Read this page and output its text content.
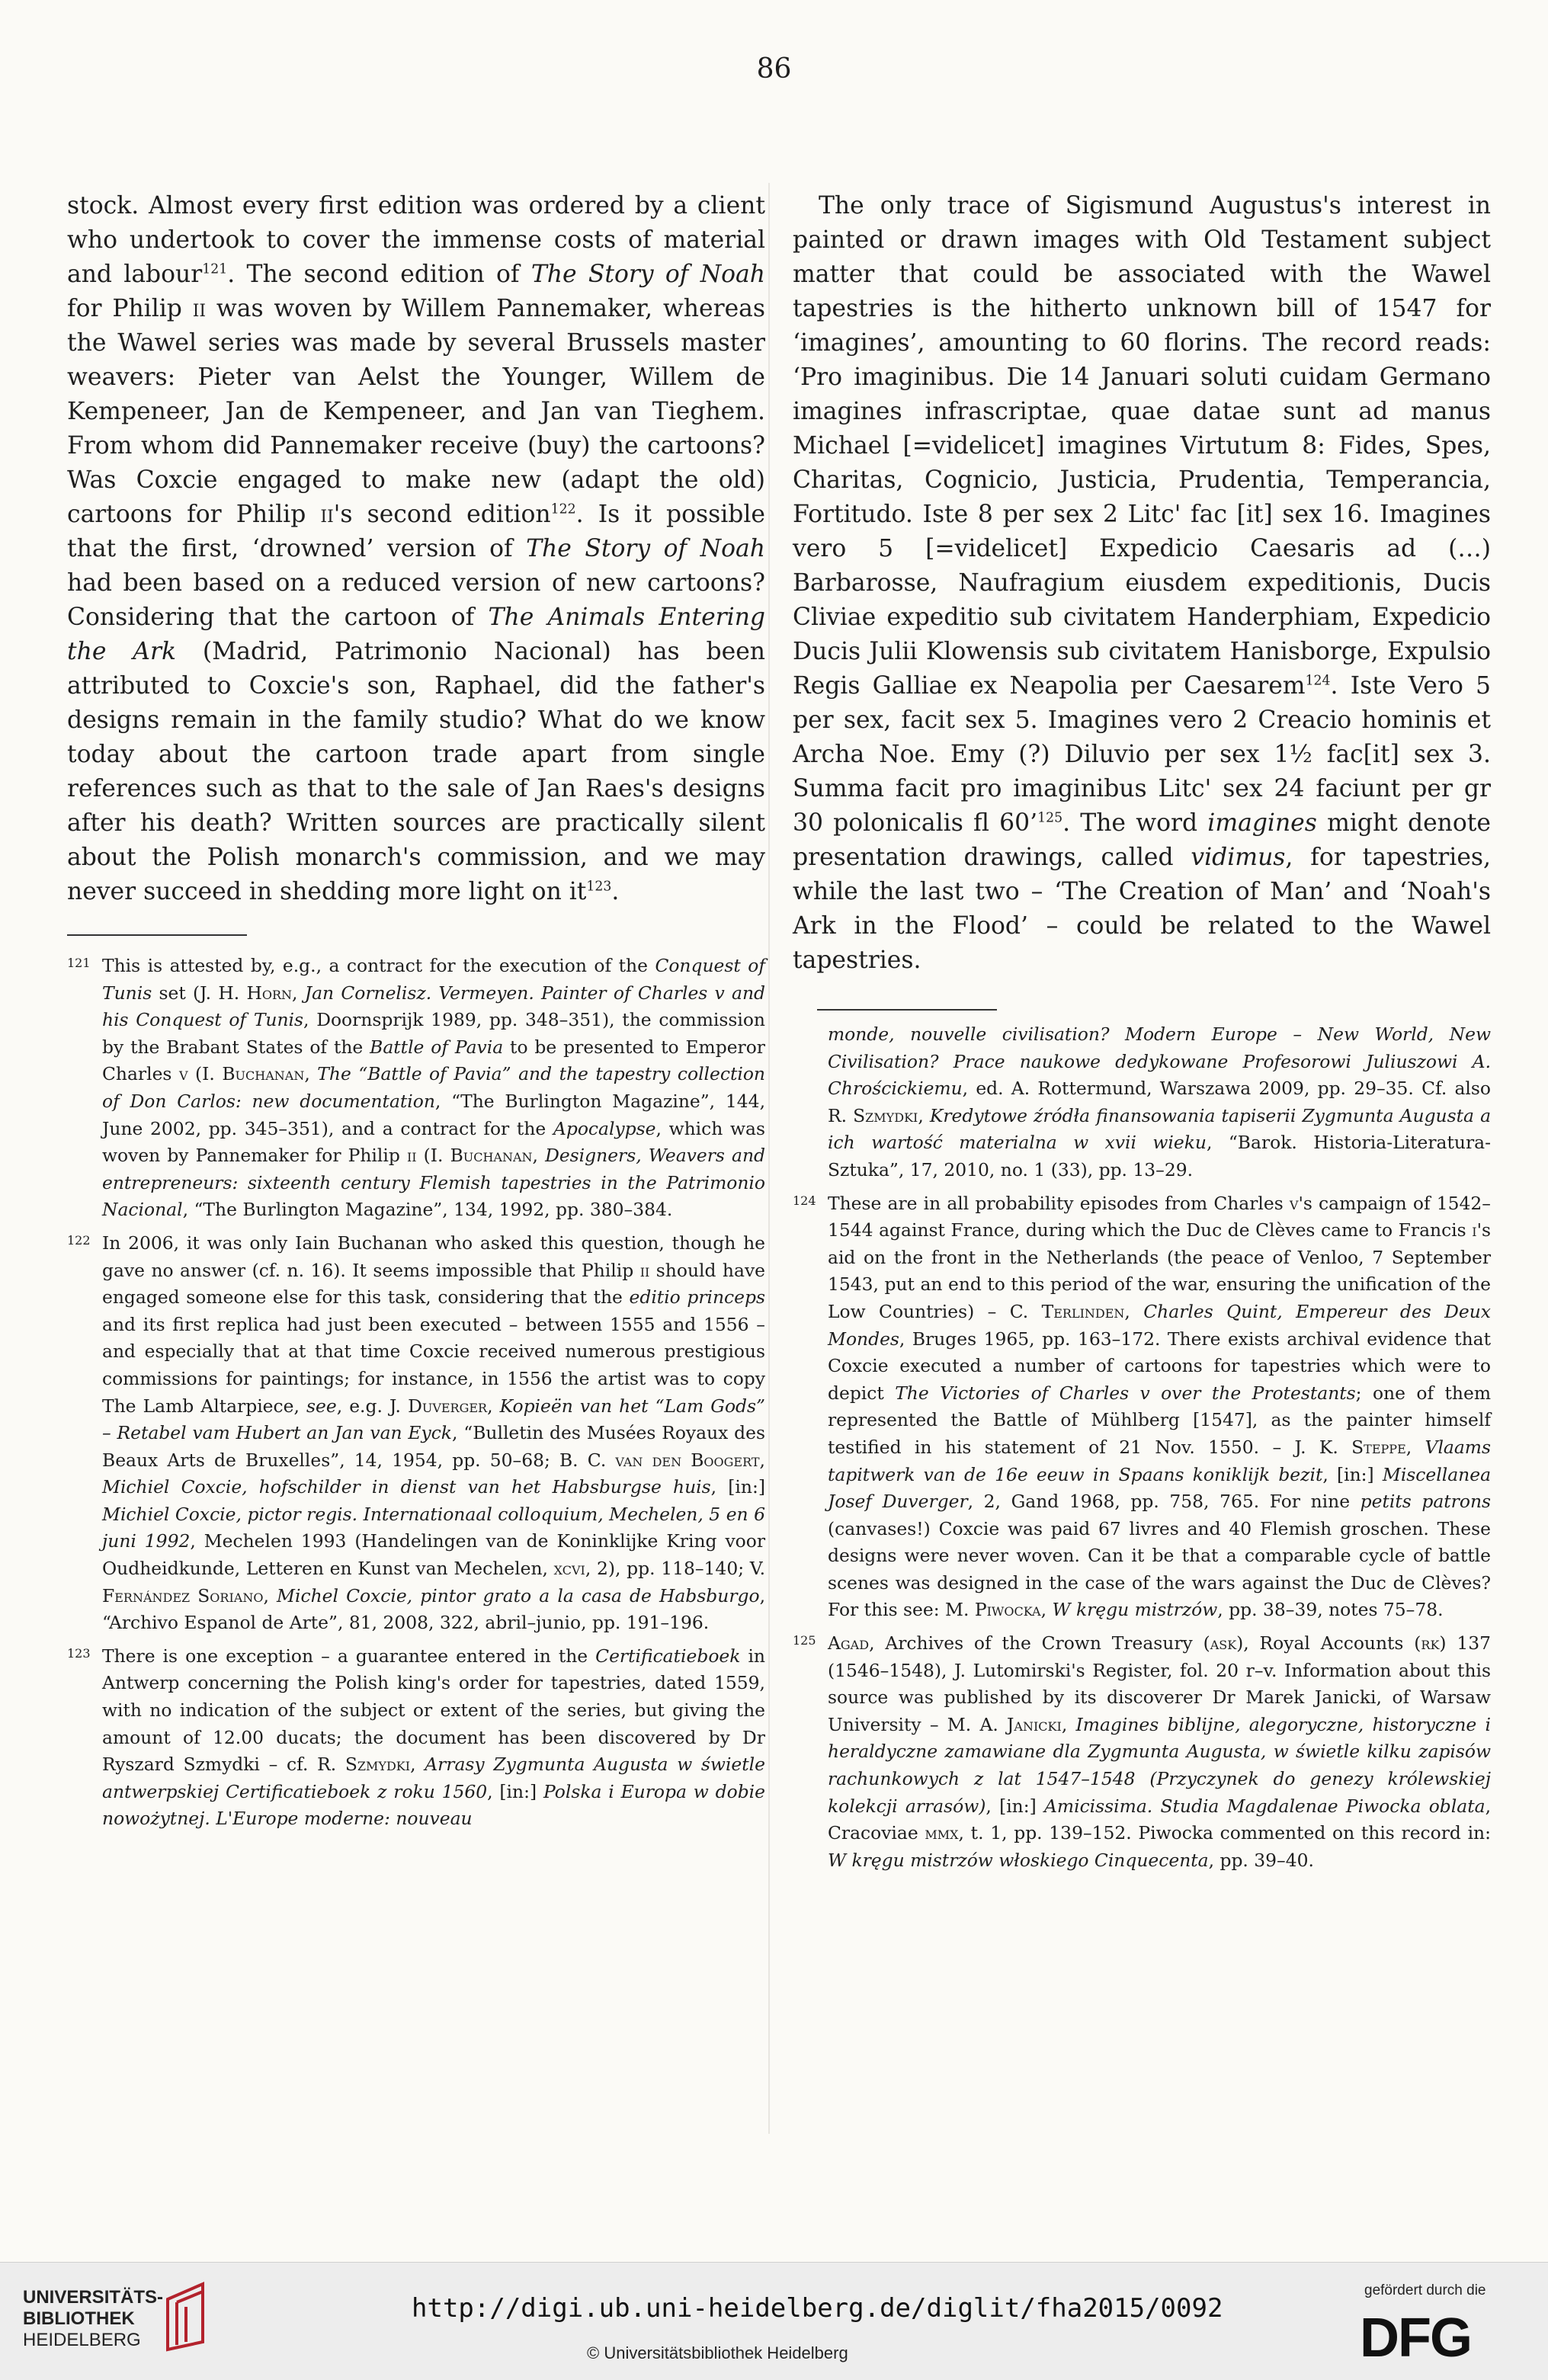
86

stock. Almost every first edition was ordered by a client who undertook to cover the immense costs of material and labour$^{121}$. The second edition of The Story of Noah for Philip ii was woven by Willem Pannemaker, whereas the Wawel series was made by several Brussels master weavers: Pieter van Aelst the Younger, Willem de Kempeneer, Jan de Kempeneer, and Jan van Tieghem. From whom did Pannemaker receive (buy) the cartoons? Was Coxcie engaged to make new (adapt the old) cartoons for Philip ii's second edition$^{122}$. Is it possible that the first, ‘drowned’ version of The Story of Noah had been based on a reduced version of new cartoons? Considering that the cartoon of The Animals Entering the Ark (Madrid, Patrimonio Nacional) has been attributed to Coxcie's son, Raphael, did the father's designs remain in the family studio? What do we know today about the cartoon trade apart from single references such as that to the sale of Jan Raes's designs after his death? Written sources are practically silent about the Polish monarch's commission, and we may never succeed in shedding more light on $it^{123}$.

The only trace of Sigismund Augustus's interest in painted or drawn images with Old Testament subject matter that could be associated with the Wawel tapestries is the hitherto unknown bill of 1547 for ‘imagines’, amounting to 60 florins. The record reads: ‘Pro imaginibus. Die 14 Januari soluti cuidam Germano imagines infrascriptae, quae datae sunt ad manus Michael [=videlicet] imagines Virtutum 8: Fides, Spes, Charitas, Cognicio, Justicia, Prudentia, Temperancia, Fortitudo. Iste 8 per sex 2 Litc' fac [it] sex 16. Imagines vero 5 [=videlicet] Expedicio Caesaris ad (…) Barbarosse, Naufragium eiusdem expeditionis, Ducis Cliviae expeditio sub civitatem Handerphiam, Expedicio Ducis Julii Klowensis sub civitatem Hanisborge, Expulsio Regis Galliae ex Neapolia per Caesarem$^{124}$. Iste Vero 5 per sex, facit sex 5. Imagines vero 2 Creacio hominis et Archa Noe. Emy (?) Diluvio per sex 1½ fac[it] sex 3. Summa facit pro imaginibus Litc' sex 24 faciunt per gr 30 polonicalis fl 60’$^{125}$. The word imagines might denote presentation drawings, called vidimus, for tapestries, while the last two – ‘The Creation of Man’ and ‘Noah's Ark in the Flood’ – could be related to the Wawel tapestries.

121 This is attested by, e.g., a contract for the execution of the Conquest of Tunis set (J. H. Horn, Jan Cornelisz. Vermeyen. Painter of Charles v and his Conquest of Tunis, Doornsprijk 1989, pp. 348–351), the commission by the Brabant States of the Battle of Pavia to be presented to Emperor Charles v (I. Buchanan, The “Battle of Pavia” and the tapestry collection of Don Carlos: new documentation, “The Burlington Magazine”, 144, June 2002, pp. 345–351), and a contract for the Apocalypse, which was woven by Pannemaker for Philip ii (I. Buchanan, Designers, Weavers and entrepreneurs: sixteenth century Flemish tapestries in the Patrimonio Nacional, “The Burlington Magazine”, 134, 1992, pp. 380–384.
122 In 2006, it was only Iain Buchanan who asked this question, though he gave no answer (cf. n. 16). It seems impossible that Philip ii should have engaged someone else for this task, considering that the editio princeps and its first replica had just been executed – between 1555 and 1556 – and especially that at that time Coxcie received numerous prestigious commissions for paintings; for instance, in 1556 the artist was to copy The Lamb Altarpiece, see, e.g. J. Duverger, Kopieën van het “Lam Gods” – Retabel vam Hubert an Jan van Eyck, “Bulletin des Musées Royaux des Beaux Arts de Bruxelles”, 14, 1954, pp. 50–68; B. C. van den Boogert, Michiel Coxcie, hofschilder in dienst van het Habsburgse huis, [in:] Michiel Coxcie, pictor regis. Internationaal colloquium, Mechelen, 5 en 6 juni 1992, Mechelen 1993 (Handelingen van de Koninklijke Kring voor Oudheidkunde, Letteren en Kunst van Mechelen, xcvi, 2), pp. 118–140; V. Fernández Soriano, Michel Coxcie, pintor grato a la casa de Habsburgo, “Archivo Espanol de Arte”, 81, 2008, 322, abril–junio, pp. 191–196.
123 There is one exception – a guarantee entered in the Certificatieboek in Antwerp concerning the Polish king's order for tapestries, dated 1559, with no indication of the subject or extent of the series, but giving the amount of 12.00 ducats; the document has been discovered by Dr Ryszard Szmydki – cf. R. Szmydki, Arrasy Zygmunta Augusta w świetle antwerpskiej Certificatieboek z roku 1560, [in:] Polska i Europa w dobie nowożytnej. L'Europe moderne: nouveau
monde, nouvelle civilisation? Modern Europe – New World, New Civilisation? Prace naukowe dedykowane Profesorowi Juliuszowi A. Chrościckiemu, ed. A. Rottermund, Warszawa 2009, pp. 29–35. Cf. also R. Szmydki, Kredytowe źródła finansowania tapiserii Zygmunta Augusta a ich wartość materialna w xvii wieku, “Barok. Historia-Literatura-Sztuka”, 17, 2010, no. 1 (33), pp. 13–29.
124 These are in all probability episodes from Charles v's campaign of 1542–1544 against France, during which the Duc de Clèves came to Francis i's aid on the front in the Netherlands (the peace of Venloo, 7 September 1543, put an end to this period of the war, ensuring the unification of the Low Countries) – C. Terlinden, Charles Quint, Empereur des Deux Mondes, Bruges 1965, pp. 163–172. There exists archival evidence that Coxcie executed a number of cartoons for tapestries which were to depict The Victories of Charles v over the Protestants; one of them represented the Battle of Mühlberg [1547], as the painter himself testified in his statement of 21 Nov. 1550. – J. K. Steppe, Vlaams tapitwerk van de 16e eeuw in Spaans koniklijk bezit, [in:] Miscellanea Josef Duverger, 2, Gand 1968, pp. 758, 765. For nine petits patrons (canvases!) Coxcie was paid 67 livres and 40 Flemish groschen. These designs were never woven. Can it be that a comparable cycle of battle scenes was designed in the case of the wars against the Duc de Clèves? For this see: M. Piwocka, W kręgu mistrzów, pp. 38–39, notes 75–78.
125 Agad, Archives of the Crown Treasury (ask), Royal Accounts (rk) 137 (1546–1548), J. Lutomirski's Register, fol. 20 r–v. Information about this source was published by its discoverer Dr Marek Janicki, of Warsaw University – M. A. Janicki, Imagines biblijne, alegoryczne, historyczne i heraldyczne zamawiane dla Zygmunta Augusta, w świetle kilku zapisów rachunkowych z lat 1547–1548 (Przyczynek do genezy królewskiej kolekcji arrasów), [in:] Amicissima. Studia Magdalenae Piwocka oblata, Cracoviae mmx, t. 1, pp. 139–152. Piwocka commented on this record in: W kręgu mistrzów włoskiego Cinquecenta, pp. 39–40.
UNIVERSITÄTS-
BIBLIOTHEK
HEIDELBERG
http://digi.ub.uni-heidelberg.de/diglit/fha2015/0092
© Universitätsbibliothek Heidelberg
gefördert durch die
DFG
